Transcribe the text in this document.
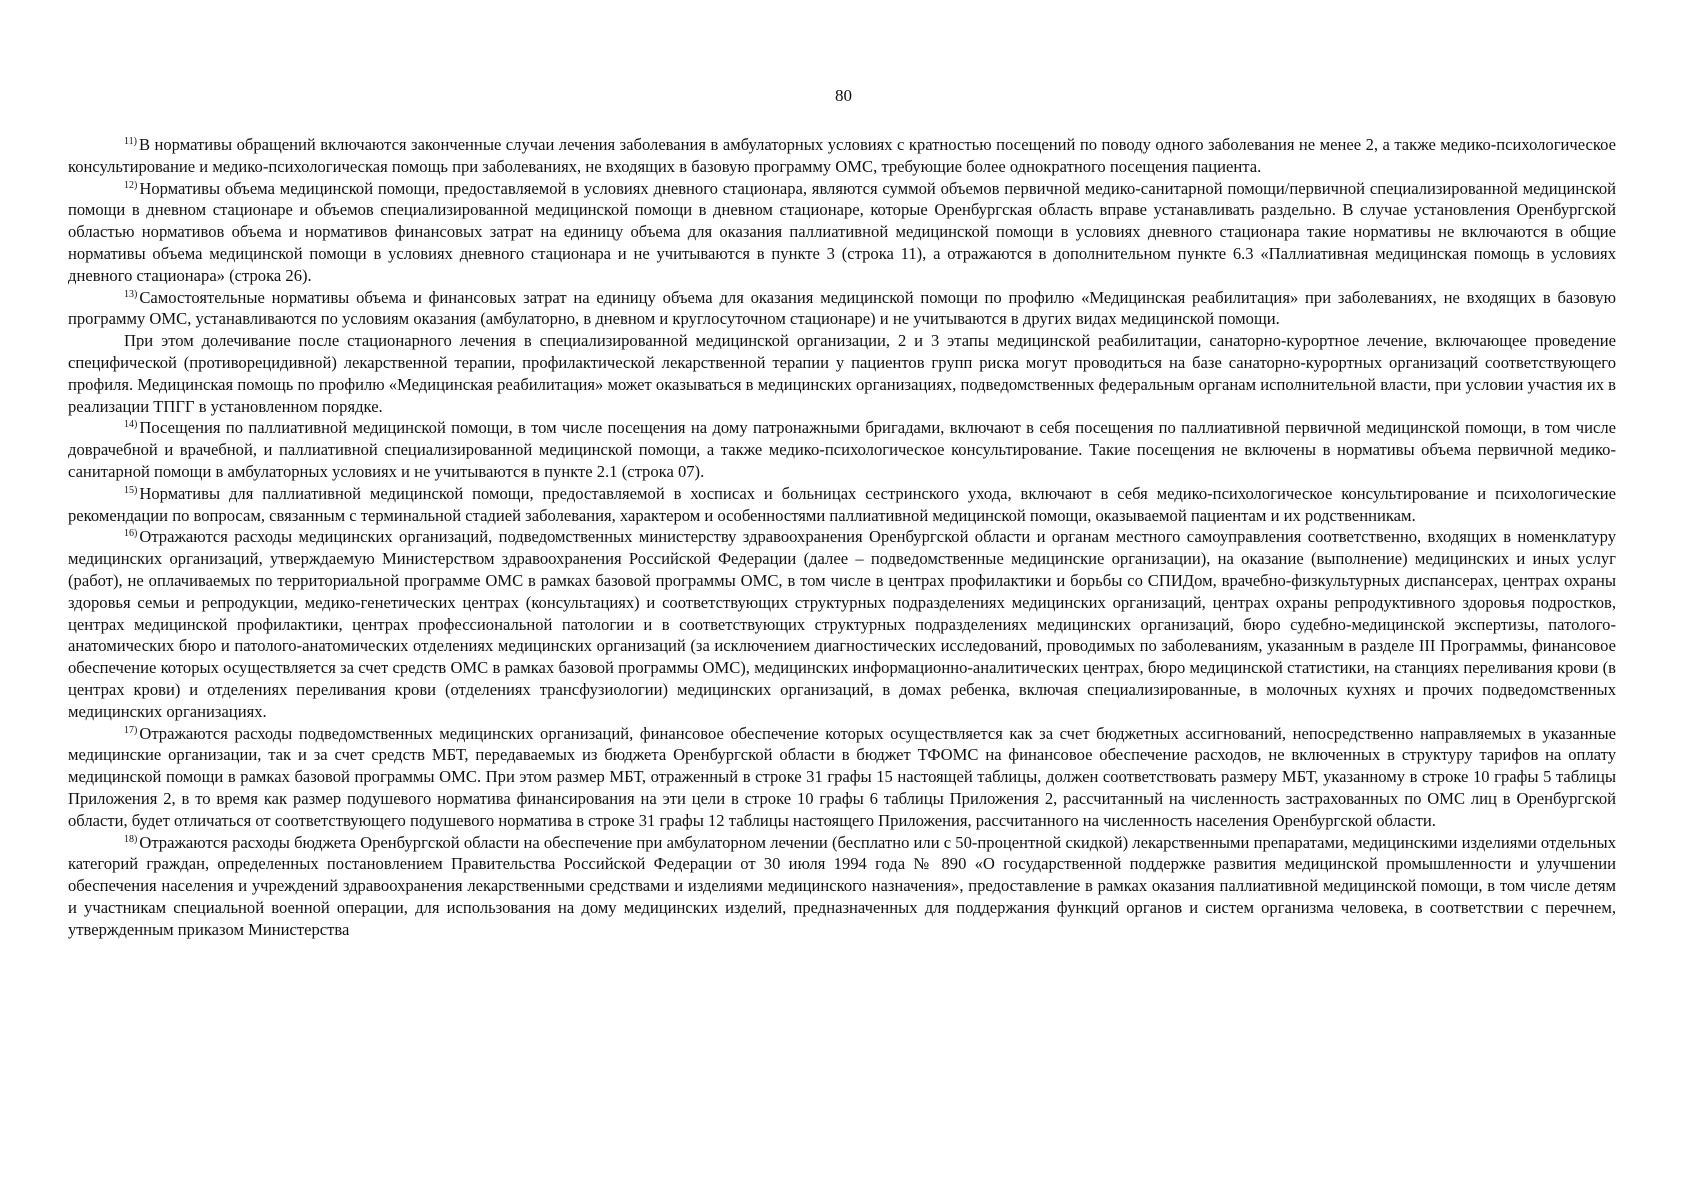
80

$^{11)}$ В нормативы обращений включаются законченные случаи лечения заболевания в амбулаторных условиях с кратностью посещений по поводу одного заболевания не менее 2, а также медико-психологическое консультирование и медико-психологическая помощь при заболеваниях, не входящих в базовую программу ОМС, требующие более однократного посещения пациента.

$^{12)}$ Нормативы объема медицинской помощи, предоставляемой в условиях дневного стационара, являются суммой объемов первичной медико-санитарной помощи/первичной специализированной медицинской помощи в дневном стационаре и объемов специализированной медицинской помощи в дневном стационаре, которые Оренбургская область вправе устанавливать раздельно. В случае установления Оренбургской областью нормативов объема и нормативов финансовых затрат на единицу объема для оказания паллиативной медицинской помощи в условиях дневного стационара такие нормативы не включаются в общие нормативы объема медицинской помощи в условиях дневного стационара и не учитываются в пункте 3 (строка 11), а отражаются в дополнительном пункте 6.3 «Паллиативная медицинская помощь в условиях дневного стационара» (строка 26).

$^{13)}$ Самостоятельные нормативы объема и финансовых затрат на единицу объема для оказания медицинской помощи по профилю «Медицинская реабилитация» при заболеваниях, не входящих в базовую программу ОМС, устанавливаются по условиям оказания (амбулаторно, в дневном и круглосуточном стационаре) и не учитываются в других видах медицинской помощи.

При этом долечивание после стационарного лечения в специализированной медицинской организации, 2 и 3 этапы медицинской реабилитации, санаторно-курортное лечение, включающее проведение специфической (противорецидивной) лекарственной терапии, профилактической лекарственной терапии у пациентов групп риска могут проводиться на базе санаторно-курортных организаций соответствующего профиля. Медицинская помощь по профилю «Медицинская реабилитация» может оказываться в медицинских организациях, подведомственных федеральным органам исполнительной власти, при условии участия их в реализации ТПГГ в установленном порядке.

$^{14)}$ Посещения по паллиативной медицинской помощи, в том числе посещения на дому патронажными бригадами, включают в себя посещения по паллиативной первичной медицинской помощи, в том числе доврачебной и врачебной, и паллиативной специализированной медицинской помощи, а также медико-психологическое консультирование. Такие посещения не включены в нормативы объема первичной медико-санитарной помощи в амбулаторных условиях и не учитываются в пункте 2.1 (строка 07).

$^{15)}$ Нормативы для паллиативной медицинской помощи, предоставляемой в хосписах и больницах сестринского ухода, включают в себя медико-психологическое консультирование и психологические рекомендации по вопросам, связанным с терминальной стадией заболевания, характером и особенностями паллиативной медицинской помощи, оказываемой пациентам и их родственникам.

$^{16)}$ Отражаются расходы медицинских организаций, подведомственных министерству здравоохранения Оренбургской области и органам местного самоуправления соответственно, входящих в номенклатуру медицинских организаций, утверждаемую Министерством здравоохранения Российской Федерации (далее – подведомственные медицинские организации), на оказание (выполнение) медицинских и иных услуг (работ), не оплачиваемых по территориальной программе ОМС в рамках базовой программы ОМС, в том числе в центрах профилактики и борьбы со СПИДом, врачебно-физкультурных диспансерах, центрах охраны здоровья семьи и репродукции, медико-генетических центрах (консультациях) и соответствующих структурных подразделениях медицинских организаций, центрах охраны репродуктивного здоровья подростков, центрах медицинской профилактики, центрах профессиональной патологии и в соответствующих структурных подразделениях медицинских организаций, бюро судебно-медицинской экспертизы, патолого-анатомических бюро и патолого-анатомических отделениях медицинских организаций (за исключением диагностических исследований, проводимых по заболеваниям, указанным в разделе III Программы, финансовое обеспечение которых осуществляется за счет средств ОМС в рамках базовой программы ОМС), медицинских информационно-аналитических центрах, бюро медицинской статистики, на станциях переливания крови (в центрах крови) и отделениях переливания крови (отделениях трансфузиологии) медицинских организаций, в домах ребенка, включая специализированные, в молочных кухнях и прочих подведомственных медицинских организациях.

$^{17)}$ Отражаются расходы подведомственных медицинских организаций, финансовое обеспечение которых осуществляется как за счет бюджетных ассигнований, непосредственно направляемых в указанные медицинские организации, так и за счет средств МБТ, передаваемых из бюджета Оренбургской области в бюджет ТФОМС на финансовое обеспечение расходов, не включенных в структуру тарифов на оплату медицинской помощи в рамках базовой программы ОМС. При этом размер МБТ, отраженный в строке 31 графы 15 настоящей таблицы, должен соответствовать размеру МБТ, указанному в строке 10 графы 5 таблицы Приложения 2, в то время как размер подушевого норматива финансирования на эти цели в строке 10 графы 6 таблицы Приложения 2, рассчитанный на численность застрахованных по ОМС лиц в Оренбургской области, будет отличаться от соответствующего подушевого норматива в строке 31 графы 12 таблицы настоящего Приложения, рассчитанного на численность населения Оренбургской области.

$^{18)}$ Отражаются расходы бюджета Оренбургской области на обеспечение при амбулаторном лечении (бесплатно или с 50-процентной скидкой) лекарственными препаратами, медицинскими изделиями отдельных категорий граждан, определенных постановлением Правительства Российской Федерации от 30 июля 1994 года № 890 «О государственной поддержке развития медицинской промышленности и улучшении обеспечения населения и учреждений здравоохранения лекарственными средствами и изделиями медицинского назначения», предоставление в рамках оказания паллиативной медицинской помощи, в том числе детям и участникам специальной военной операции, для использования на дому медицинских изделий, предназначенных для поддержания функций органов и систем организма человека, в соответствии с перечнем, утвержденным приказом Министерства
